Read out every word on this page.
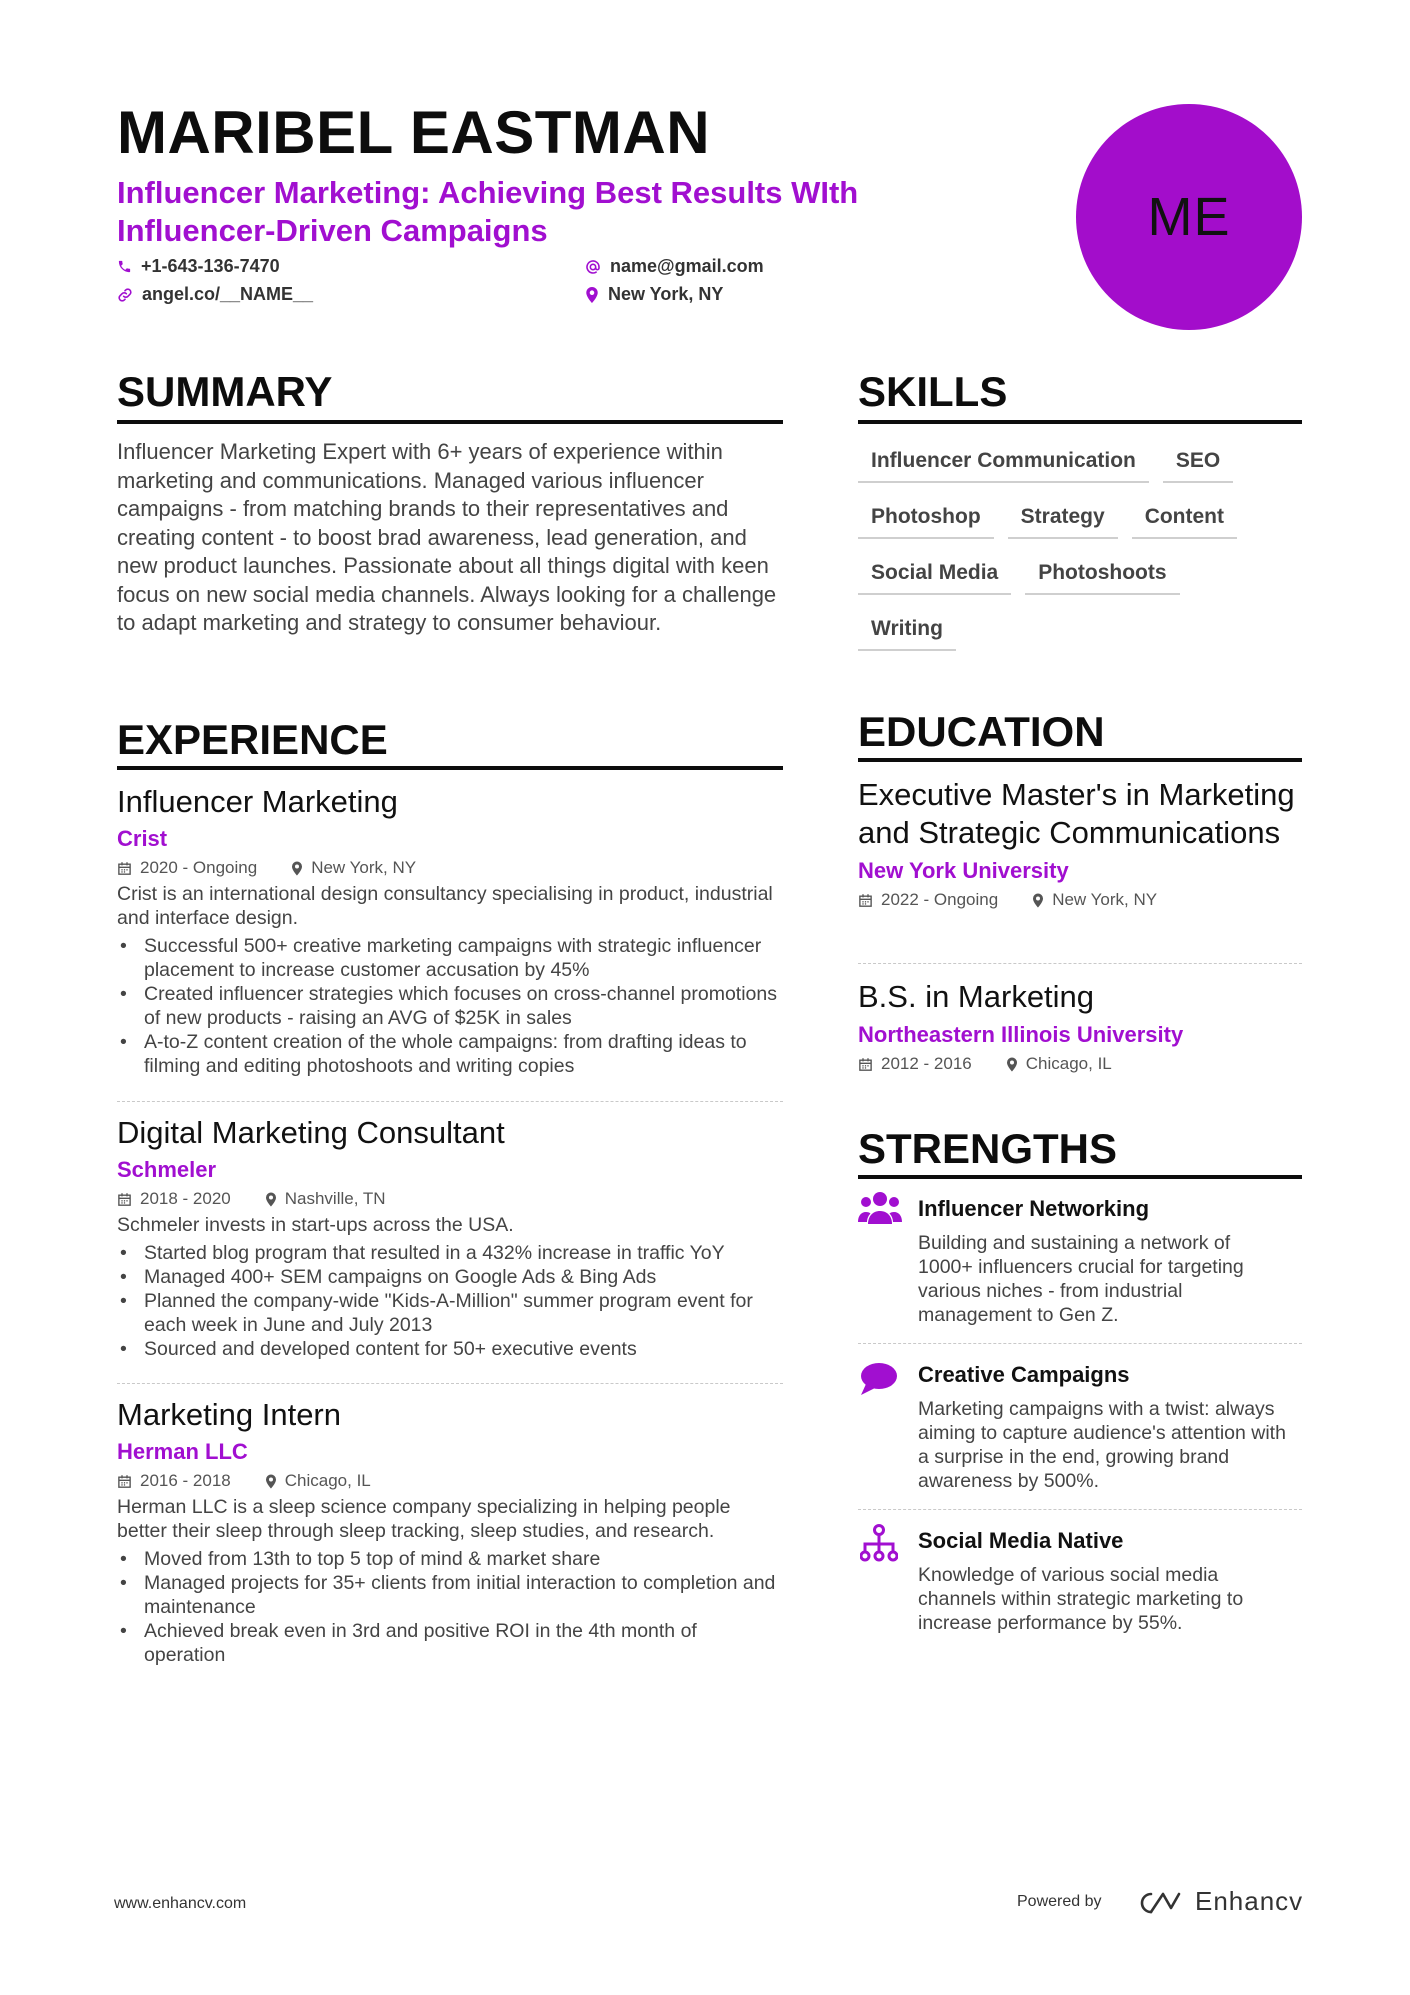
MARIBEL EASTMAN
Influencer Marketing: Achieving Best Results WIth Influencer-Driven Campaigns
+1-643-136-7470	name@gmail.com
angel.co/__NAME__	New York, NY
ME
SUMMARY
Influencer Marketing Expert with 6+ years of experience within marketing and communications. Managed various influencer campaigns - from matching brands to their representatives and creating content - to boost brad awareness, lead generation, and new product launches. Passionate about all things digital with keen focus on new social media channels. Always looking for a challenge to adapt marketing and strategy to consumer behaviour.
EXPERIENCE
Influencer Marketing
Crist
2020 - Ongoing	New York, NY
Crist is an international design consultancy specialising in product, industrial and interface design.
• Successful 500+ creative marketing campaigns with strategic influencer placement to increase customer accusation by 45%
• Created influencer strategies which focuses on cross-channel promotions of new products - raising an AVG of $25K in sales
• A-to-Z content creation of the whole campaigns: from drafting ideas to filming and editing photoshoots and writing copies
Digital Marketing Consultant
Schmeler
2018 - 2020	Nashville, TN
Schmeler invests in start-ups across the USA.
• Started blog program that resulted in a 432% increase in traffic YoY
• Managed 400+ SEM campaigns on Google Ads & Bing Ads
• Planned the company-wide "Kids-A-Million" summer program event for each week in June and July 2013
• Sourced and developed content for 50+ executive events
Marketing Intern
Herman LLC
2016 - 2018	Chicago, IL
Herman LLC is a sleep science company specializing in helping people better their sleep through sleep tracking, sleep studies, and research.
• Moved from 13th to top 5 top of mind & market share
• Managed projects for 35+ clients from initial interaction to completion and maintenance
• Achieved break even in 3rd and positive ROI in the 4th month of operation
SKILLS
Influencer Communication	SEO
Photoshop	Strategy	Content
Social Media	Photoshoots
Writing
EDUCATION
Executive Master's in Marketing and Strategic Communications
New York University
2022 - Ongoing	New York, NY
B.S. in Marketing
Northeastern Illinois University
2012 - 2016	Chicago, IL
STRENGTHS
Influencer Networking
Building and sustaining a network of 1000+ influencers crucial for targeting various niches - from industrial management to Gen Z.
Creative Campaigns
Marketing campaigns with a twist: always aiming to capture audience's attention with a surprise in the end, growing brand awareness by 500%.
Social Media Native
Knowledge of various social media channels within strategic marketing to increase performance by 55%.
www.enhancv.com	Powered by	Enhancv
